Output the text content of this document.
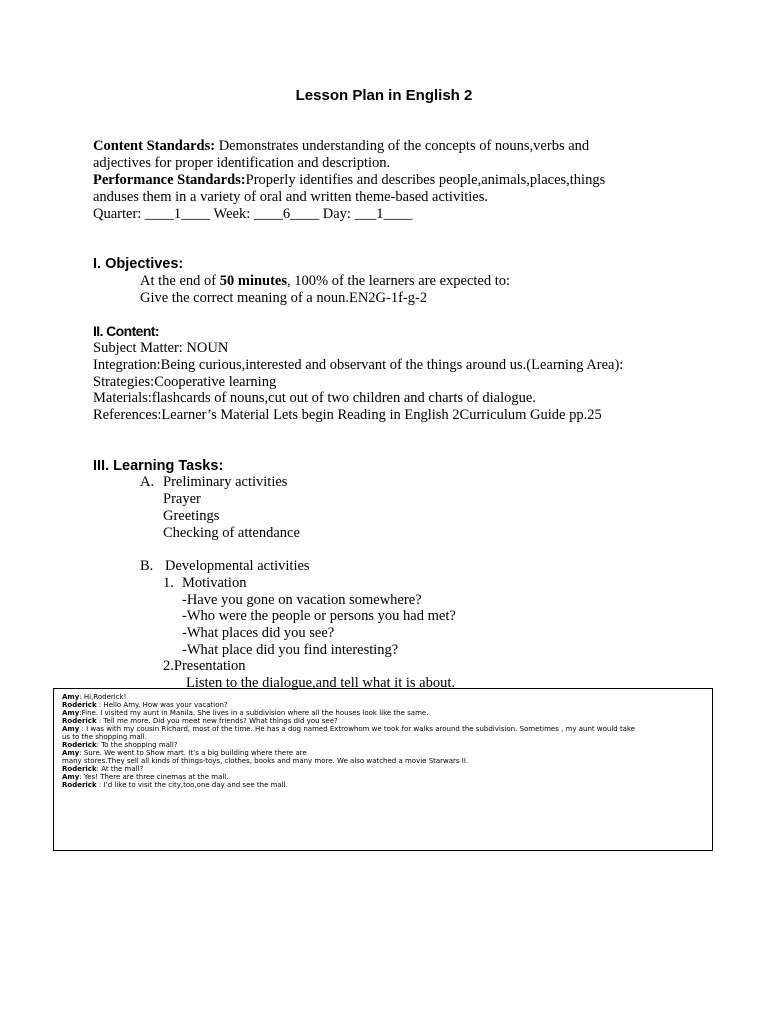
Lesson Plan in English 2
Content Standards: Demonstrates understanding of the concepts of nouns,verbs and
adjectives for proper identification and description.
Performance Standards:Properly identifies and describes people,animals,places,things
anduses them in a variety of oral and written theme-based activities.
Quarter: ____1____ Week: ____6____ Day: ___1____
I. Objectives:
At the end of 50 minutes, 100% of the learners are expected to:
Give the correct meaning of a noun.EN2G-1f-g-2
II. Content:
Subject Matter: NOUN
Integration:Being curious,interested and observant of the things around us.(Learning Area):
Strategies:Cooperative learning
Materials:flashcards of nouns,cut out of two children and charts of dialogue.
References:Learner’s Material Lets begin Reading in English 2Curriculum Guide pp.25
III. Learning Tasks:
A. Preliminary activities
Prayer
Greetings
Checking of attendance
B. Developmental activities
1. Motivation
-Have you gone on vacation somewhere?
-Who were the people or persons you had met?
-What places did you see?
-What place did you find interesting?
2.Presentation
Listen to the dialogue,and tell what it is about.
Amy: Hi,Roderick!
Roderick : Hello Amy. How was your vacation?
Amy:Fine. I visited my aunt in Manila. She lives in a subdivision where all the houses look like the same.
Roderick : Tell me more. Did you meet new friends? What things did you see?
Amy : I was with my cousin Richard, most of the time. He has a dog named Extrowhom we took for walks around the subdivision. Sometimes , my aunt would take
us to the shopping mall.
Roderick: To the shopping mall?
Amy: Sure. We went to Show mart. It’s a big building where there are
many stores.They sell all kinds of things-toys, clothes, books and many more. We also watched a movie Starwars II.
Roderick: At the mall?
Amy: Yes! There are three cinemas at the mall.
Roderick : I’d like to visit the city,too,one day and see the mall.
